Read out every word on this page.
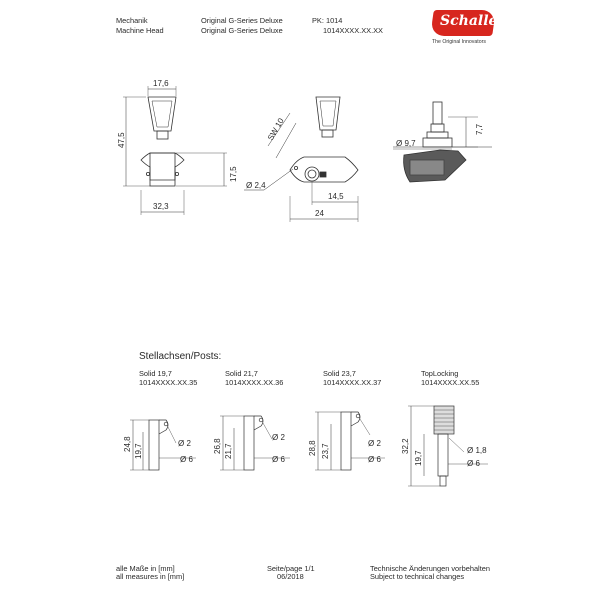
Mechanik
Machine Head
Original G-Series Deluxe
Original G-Series Deluxe
PK: 1014
1014XXXX.XX.XX
Schaller
The Original Innovators
17,6
47,5
17,5
32,3
SW 10
Ø 2,4
14,5
24
Ø 9,7
7,7
24,8 19,7	Ø 2
Ø 6
26,8 21,7
Ø 2
Ø 6
28,8 23,7	Ø 2
Ø 6
32,2
19,7	Ø 1,8
Ø 6
Stellachsen/Posts:
Solid 19,7
1014XXXX.XX.35
Solid 21,7
1014XXXX.XX.36
Solid 23,7
1014XXXX.XX.37
TopLocking
1014XXXX.XX.55
alle Maße in [mm]
all measures in [mm]
Seite/page 1/1
06/2018
Technische Änderungen vorbehalten
Subject to technical changes
